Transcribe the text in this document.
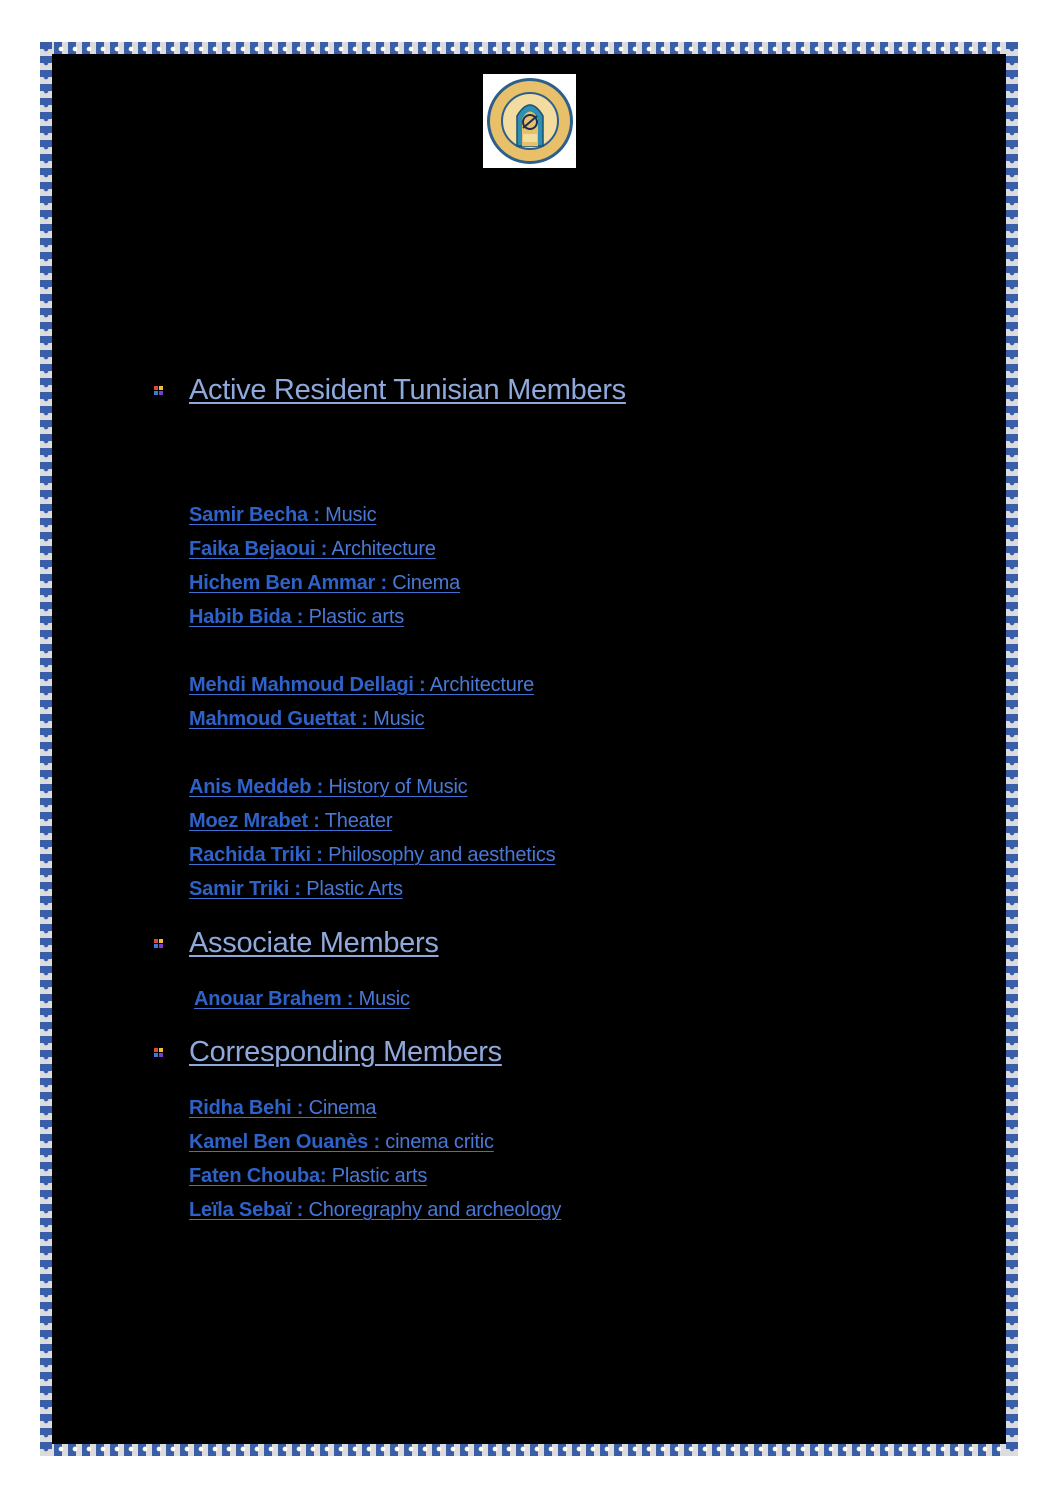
Active Resident Tunisian Members
Samir Becha : Music
Faika Bejaoui : Architecture
Hichem Ben Ammar : Cinema
Habib Bida : Plastic arts
Mehdi Mahmoud Dellagi : Architecture
Mahmoud Guettat : Music
Anis Meddeb : History of Music
Moez Mrabet : Theater
Rachida Triki : Philosophy and aesthetics
Samir Triki : Plastic Arts
Associate Members
Anouar Brahem : Music
Corresponding Members
Ridha Behi : Cinema
Kamel Ben Ouanès : cinema critic
Faten Chouba: Plastic arts
Leïla Sebaï : Choregraphy and archeology
